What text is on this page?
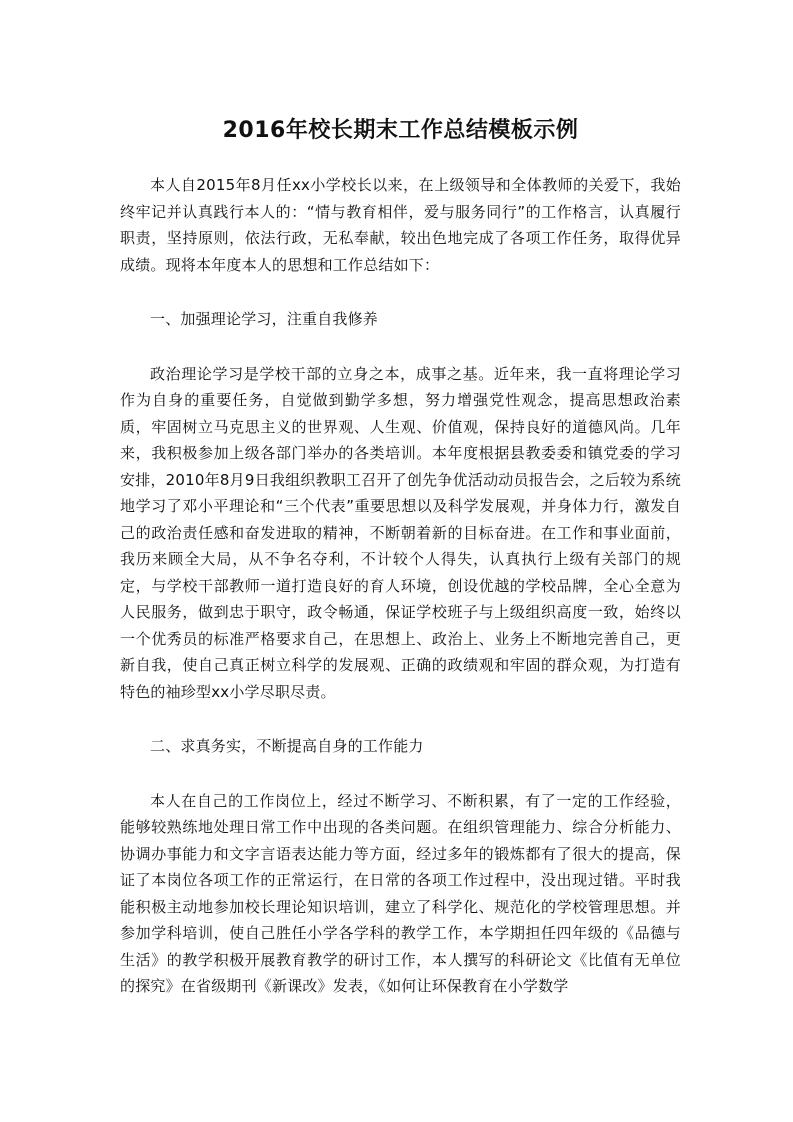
2016年校长期末工作总结模板示例

本人自2015年8月任xx小学校长以来，在上级领导和全体教师的关爱下，我始终牢记并认真践行本人的：“情与教育相伴，爱与服务同行”的工作格言，认真履行职责，坚持原则，依法行政，无私奉献，较出色地完成了各项工作任务，取得优异成绩。现将本年度本人的思想和工作总结如下：

一、加强理论学习，注重自我修养

政治理论学习是学校干部的立身之本，成事之基。近年来，我一直将理论学习作为自身的重要任务，自觉做到勤学多想，努力增强党性观念，提高思想政治素质，牢固树立马克思主义的世界观、人生观、价值观，保持良好的道德风尚。几年来，我积极参加上级各部门举办的各类培训。本年度根据县教委委和镇党委的学习安排，2010年8月9日我组织教职工召开了创先争优活动动员报告会，之后较为系统地学习了邓小平理论和“三个代表”重要思想以及科学发展观，并身体力行，激发自己的政治责任感和奋发进取的精神，不断朝着新的目标奋进。在工作和事业面前，我历来顾全大局，从不争名夺利，不计较个人得失，认真执行上级有关部门的规定，与学校干部教师一道打造良好的育人环境，创设优越的学校品牌，全心全意为人民服务，做到忠于职守，政令畅通，保证学校班子与上级组织高度一致，始终以一个优秀员的标准严格要求自己，在思想上、政治上、业务上不断地完善自己，更新自我，使自己真正树立科学的发展观、正确的政绩观和牢固的群众观，为打造有特色的袖珍型xx小学尽职尽责。

二、求真务实，不断提高自身的工作能力

本人在自己的工作岗位上，经过不断学习、不断积累，有了一定的工作经验，能够较熟练地处理日常工作中出现的各类问题。在组织管理能力、综合分析能力、协调办事能力和文字言语表达能力等方面，经过多年的锻炼都有了很大的提高，保证了本岗位各项工作的正常运行，在日常的各项工作过程中，没出现过错。平时我能积极主动地参加校长理论知识培训，建立了科学化、规范化的学校管理思想。并参加学科培训，使自己胜任小学各学科的教学工作，本学期担任四年级的《品德与生活》的教学积极开展教育教学的研讨工作，本人撰写的科研论文《比值有无单位的探究》在省级期刊《新课改》发表，《如何让环保教育在小学数学
